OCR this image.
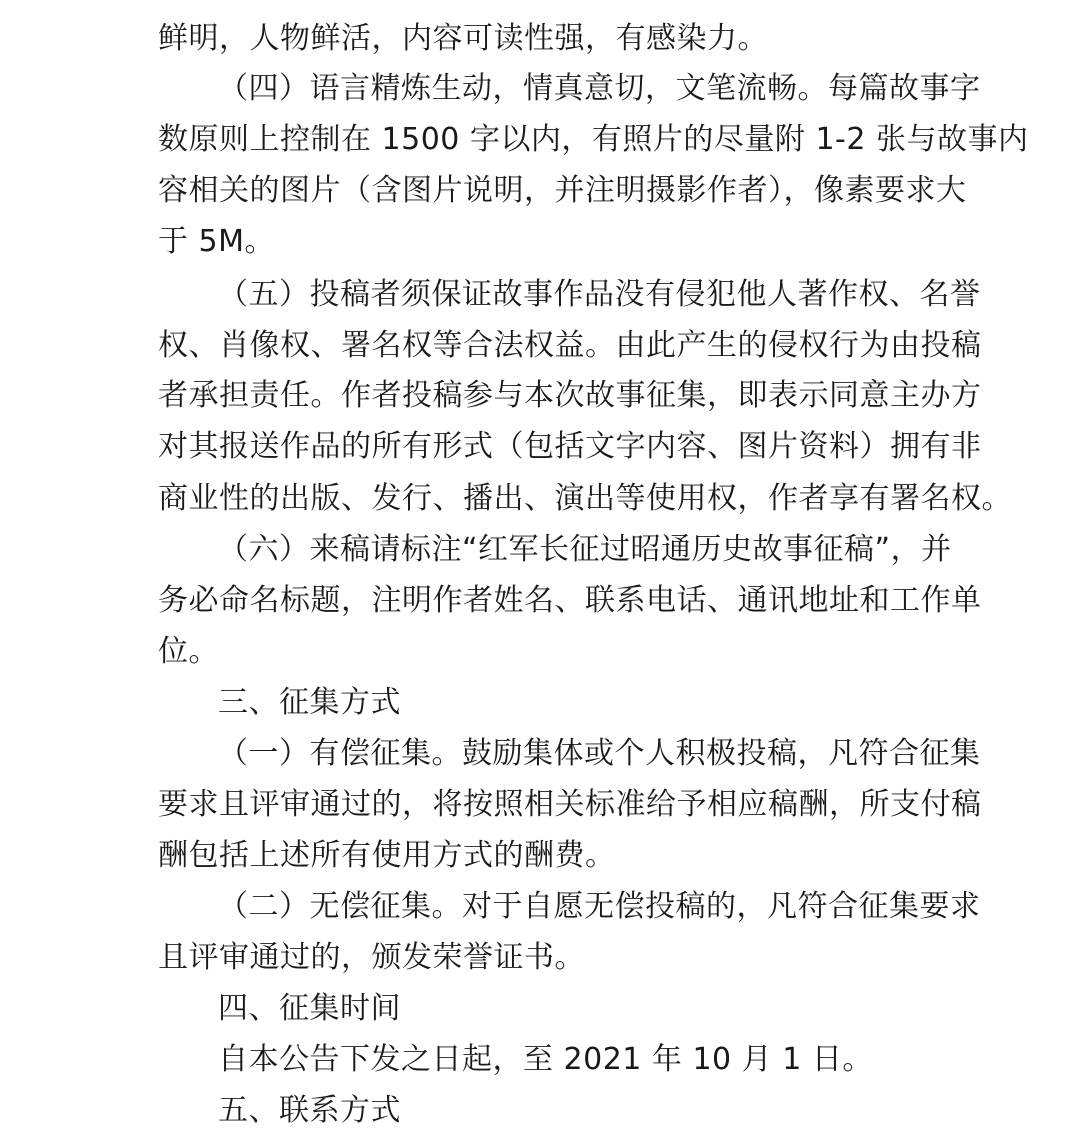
鲜明，人物鲜活，内容可读性强，有感染力。
（四）语言精炼生动，情真意切，文笔流畅。每篇故事字
数原则上控制在 1500 字以内，有照片的尽量附 1-2 张与故事内
容相关的图片（含图片说明，并注明摄影作者），像素要求大
于 5M。
（五）投稿者须保证故事作品没有侵犯他人著作权、名誉
权、肖像权、署名权等合法权益。由此产生的侵权行为由投稿
者承担责任。作者投稿参与本次故事征集，即表示同意主办方
对其报送作品的所有形式（包括文字内容、图片资料）拥有非
商业性的出版、发行、播出、演出等使用权，作者享有署名权。
（六）来稿请标注“红军长征过昭通历史故事征稿”，并
务必命名标题，注明作者姓名、联系电话、通讯地址和工作单
位。
三、征集方式
（一）有偿征集。鼓励集体或个人积极投稿，凡符合征集
要求且评审通过的，将按照相关标准给予相应稿酬，所支付稿
酬包括上述所有使用方式的酬费。
（二）无偿征集。对于自愿无偿投稿的，凡符合征集要求
且评审通过的，颁发荣誉证书。
四、征集时间
自本公告下发之日起，至 2021 年 10 月 1 日。
五、联系方式
